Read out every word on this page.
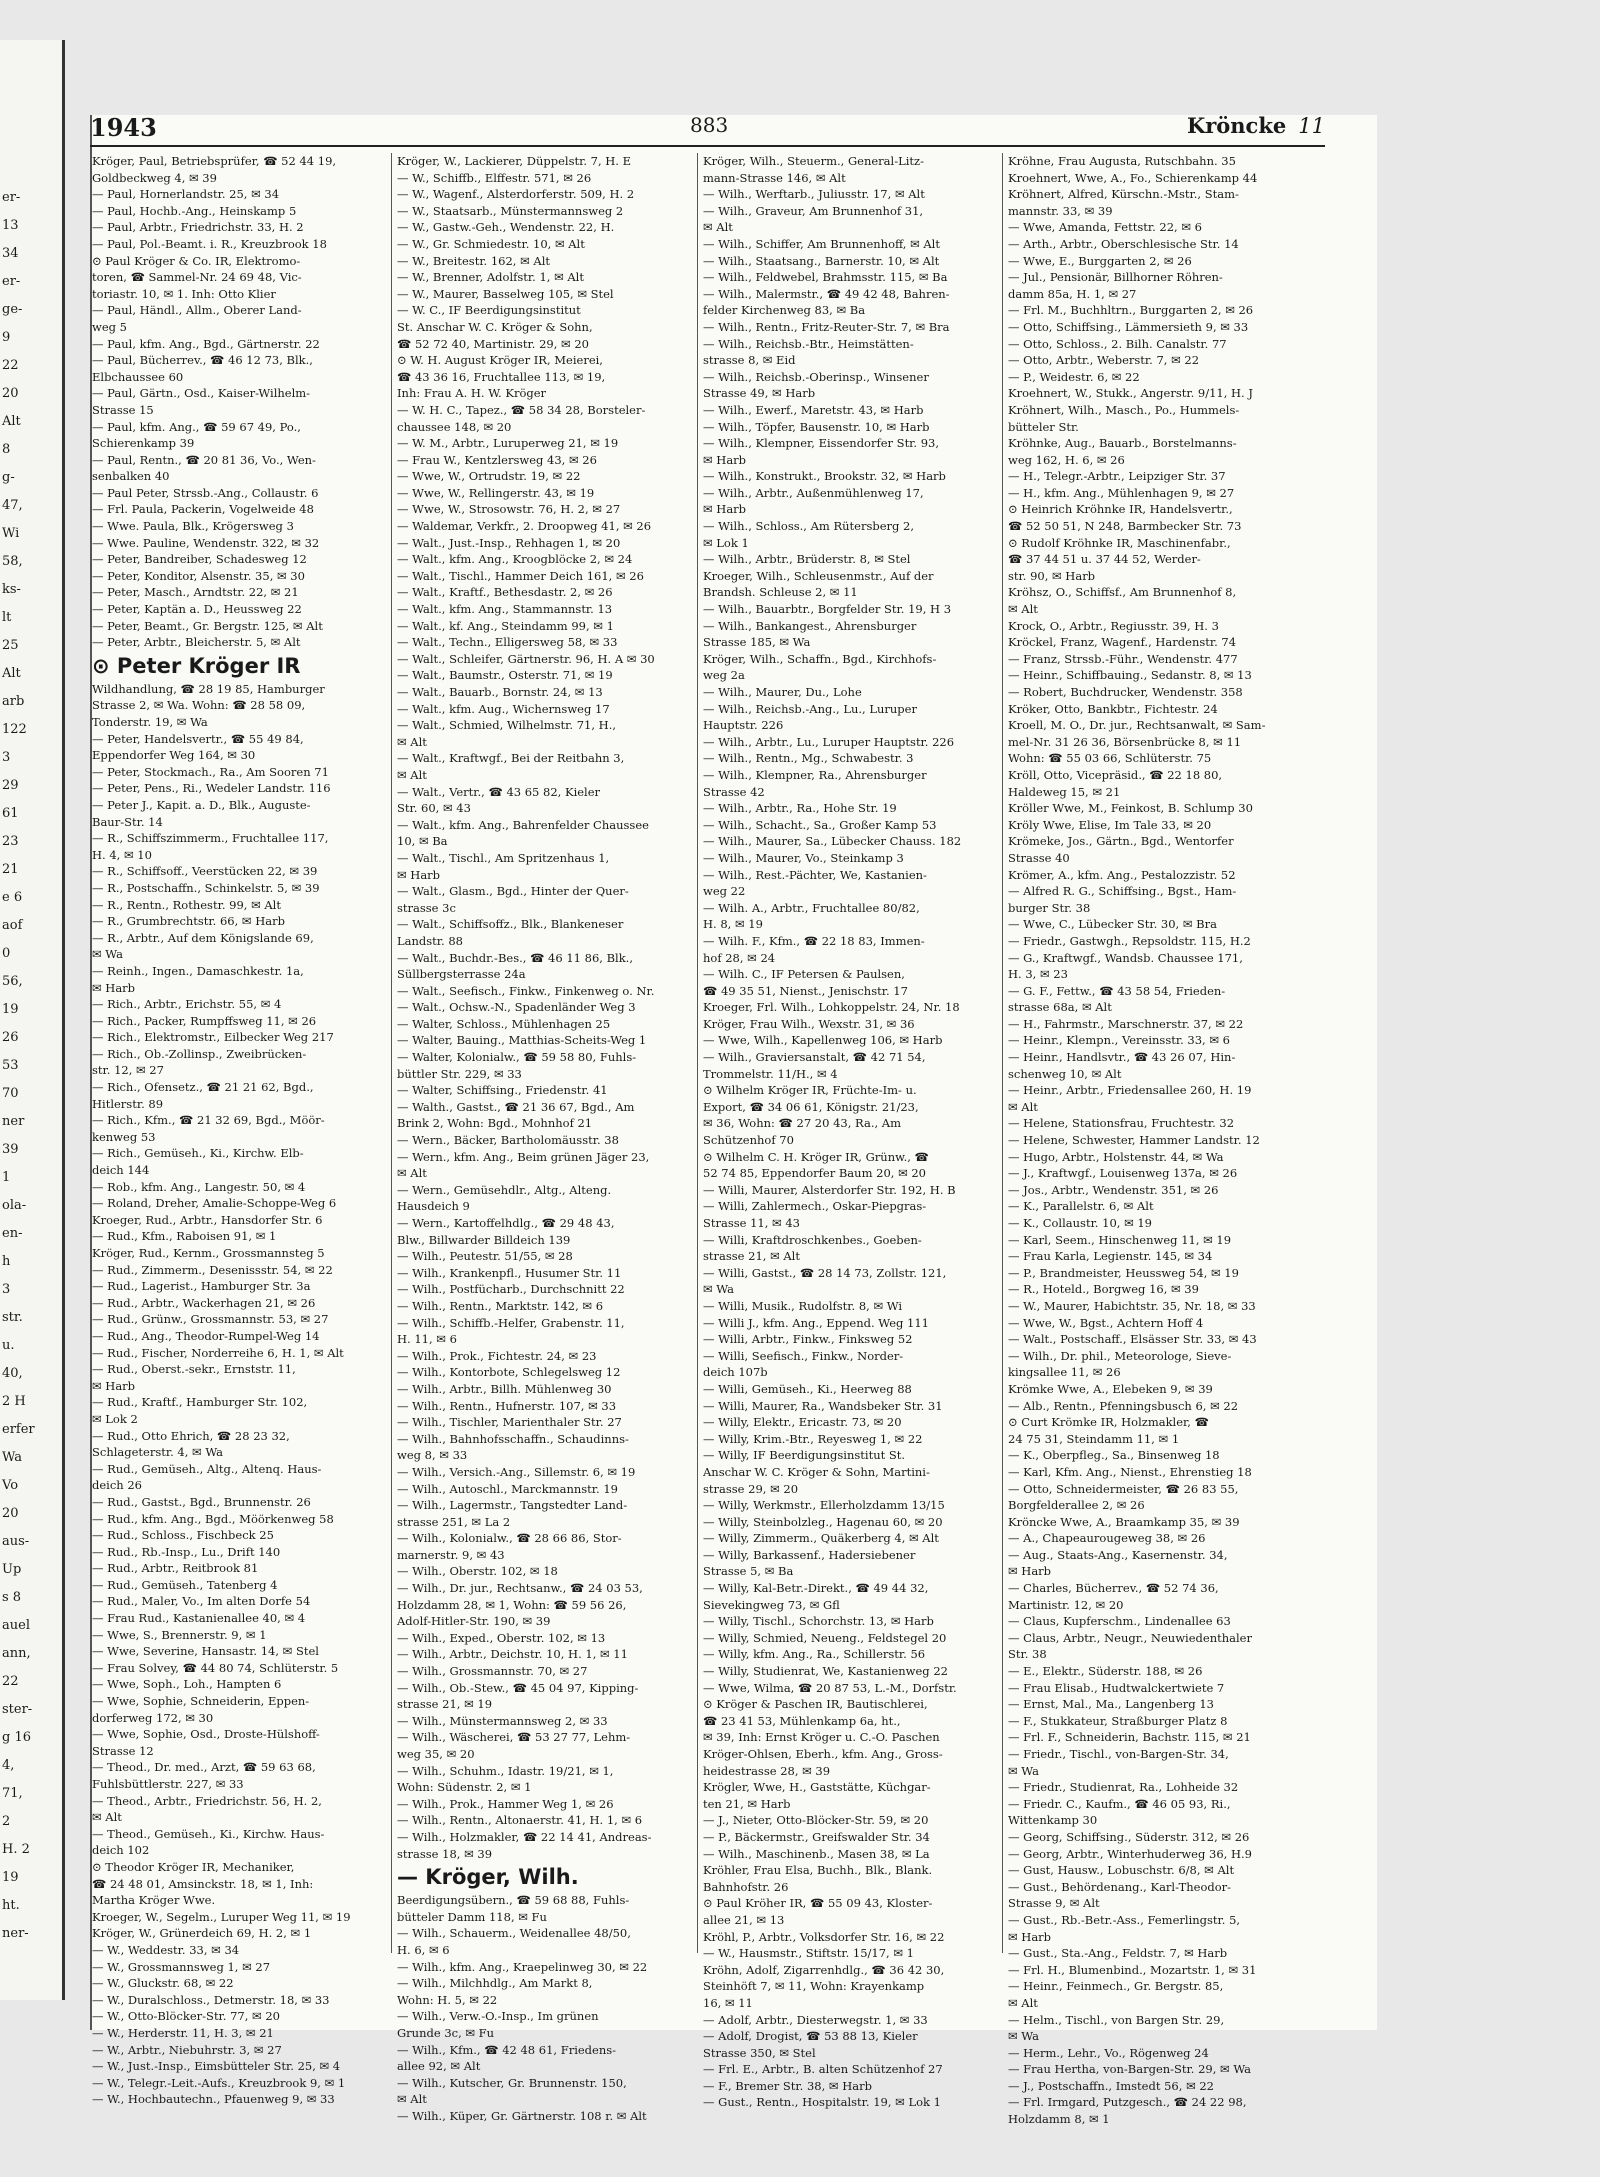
er-
13
34
er-
ge-
9
22
20
Alt
8
g-
47,
Wi
58,
ks-
lt
25
Alt
arb
122
3
29
61
23
21
e 6
aof
0
56,
19
26
53
70
ner
39
1
ola-
en-
h
3
str.
u.
40,
2 H
erfer
Wa
Vo
20
aus-
Up
s 8
auel
ann,
22
ster-
g 16
4,
71,
2
H. 2
19
ht.
ner-
1943	883	Kröncke 11
Kröger, Paul, Betriebsprüfer, ☎ 52 44 19,
Goldbeckweg 4, ✉ 39
— Paul, Hornerlandstr. 25, ✉ 34
— Paul, Hochb.-Ang., Heinskamp 5
— Paul, Arbtr., Friedrichstr. 33, H. 2
— Paul, Pol.-Beamt. i. R., Kreuzbrook 18
⊙ Paul Kröger & Co. IR, Elektromo-
toren, ☎ Sammel-Nr. 24 69 48, Vic-
toriastr. 10, ✉ 1. Inh: Otto Klier
— Paul, Händl., Allm., Oberer Land-
weg 5
— Paul, kfm. Ang., Bgd., Gärtnerstr. 22
— Paul, Bücherrev., ☎ 46 12 73, Blk.,
Elbchaussee 60
— Paul, Gärtn., Osd., Kaiser-Wilhelm-
Strasse 15
— Paul, kfm. Ang., ☎ 59 67 49, Po.,
Schierenkamp 39
— Paul, Rentn., ☎ 20 81 36, Vo., Wen-
senbalken 40
— Paul Peter, Strssb.-Ang., Collaustr. 6
— Frl. Paula, Packerin, Vogelweide 48
— Wwe. Paula, Blk., Krögersweg 3
— Wwe. Pauline, Wendenstr. 322, ✉ 32
— Peter, Bandreiber, Schadesweg 12
— Peter, Konditor, Alsenstr. 35, ✉ 30
— Peter, Masch., Arndtstr. 22, ✉ 21
— Peter, Kaptän a. D., Heussweg 22
— Peter, Beamt., Gr. Bergstr. 125, ✉ Alt
— Peter, Arbtr., Bleicherstr. 5, ✉ Alt
⊙ Peter Kröger IR
Wildhandlung, ☎ 28 19 85, Hamburger
Strasse 2, ✉ Wa. Wohn: ☎ 28 58 09,
Tonderstr. 19, ✉ Wa
— Peter, Handelsvertr., ☎ 55 49 84,
Eppendorfer Weg 164, ✉ 30
— Peter, Stockmach., Ra., Am Sooren 71
— Peter, Pens., Ri., Wedeler Landstr. 116
— Peter J., Kapit. a. D., Blk., Auguste-
Baur-Str. 14
— R., Schiffszimmerm., Fruchtallee 117,
H. 4, ✉ 10
— R., Schiffsoff., Veerstücken 22, ✉ 39
— R., Postschaffn., Schinkelstr. 5, ✉ 39
— R., Rentn., Rothestr. 99, ✉ Alt
— R., Grumbrechtstr. 66, ✉ Harb
— R., Arbtr., Auf dem Königslande 69,
✉ Wa
— Reinh., Ingen., Damaschkestr. 1a,
✉ Harb
— Rich., Arbtr., Erichstr. 55, ✉ 4
— Rich., Packer, Rumpffsweg 11, ✉ 26
— Rich., Elektromstr., Eilbecker Weg 217
— Rich., Ob.-Zollinsp., Zweibrücken-
str. 12, ✉ 27
— Rich., Ofensetz., ☎ 21 21 62, Bgd.,
Hitlerstr. 89
— Rich., Kfm., ☎ 21 32 69, Bgd., Möör-
kenweg 53
— Rich., Gemüseh., Ki., Kirchw. Elb-
deich 144
— Rob., kfm. Ang., Langestr. 50, ✉ 4
— Roland, Dreher, Amalie-Schoppe-Weg 6
Kroeger, Rud., Arbtr., Hansdorfer Str. 6
— Rud., Kfm., Raboisen 91, ✉ 1
Kröger, Rud., Kernm., Grossmannsteg 5
— Rud., Zimmerm., Desenissstr. 54, ✉ 22
— Rud., Lagerist., Hamburger Str. 3a
— Rud., Arbtr., Wackerhagen 21, ✉ 26
— Rud., Grünw., Grossmannstr. 53, ✉ 27
— Rud., Ang., Theodor-Rumpel-Weg 14
— Rud., Fischer, Norderreihe 6, H. 1, ✉ Alt
— Rud., Oberst.-sekr., Ernststr. 11,
✉ Harb
— Rud., Kraftf., Hamburger Str. 102,
✉ Lok 2
— Rud., Otto Ehrich, ☎ 28 23 32,
Schlageterstr. 4, ✉ Wa
— Rud., Gemüseh., Altg., Altenq. Haus-
deich 26
— Rud., Gastst., Bgd., Brunnenstr. 26
— Rud., kfm. Ang., Bgd., Möörkenweg 58
— Rud., Schloss., Fischbeck 25
— Rud., Rb.-Insp., Lu., Drift 140
— Rud., Arbtr., Reitbrook 81
— Rud., Gemüseh., Tatenberg 4
— Rud., Maler, Vo., Im alten Dorfe 54
— Frau Rud., Kastanienallee 40, ✉ 4
— Wwe, S., Brennerstr. 9, ✉ 1
— Wwe, Severine, Hansastr. 14, ✉ Stel
— Frau Solvey, ☎ 44 80 74, Schlüterstr. 5
— Wwe, Soph., Loh., Hampten 6
— Wwe, Sophie, Schneiderin, Eppen-
dorferweg 172, ✉ 30
— Wwe, Sophie, Osd., Droste-Hülshoff-
Strasse 12
— Theod., Dr. med., Arzt, ☎ 59 63 68,
Fuhlsbüttlerstr. 227, ✉ 33
— Theod., Arbtr., Friedrichstr. 56, H. 2,
✉ Alt
— Theod., Gemüseh., Ki., Kirchw. Haus-
deich 102
⊙ Theodor Kröger IR, Mechaniker,
☎ 24 48 01, Amsinckstr. 18, ✉ 1, Inh:
Martha Kröger Wwe.
Kroeger, W., Segelm., Luruper Weg 11, ✉ 19
Kröger, W., Grünerdeich 69, H. 2, ✉ 1
— W., Weddestr. 33, ✉ 34
— W., Grossmannsweg 1, ✉ 27
— W., Gluckstr. 68, ✉ 22
— W., Duralschloss., Detmerstr. 18, ✉ 33
— W., Otto-Blöcker-Str. 77, ✉ 20
— W., Herderstr. 11, H. 3, ✉ 21
— W., Arbtr., Niebuhrstr. 3, ✉ 27
— W., Just.-Insp., Eimsbütteler Str. 25, ✉ 4
— W., Telegr.-Leit.-Aufs., Kreuzbrook 9, ✉ 1
— W., Hochbautechn., Pfauenweg 9, ✉ 33
Kröger, W., Lackierer, Düppelstr. 7, H. E
— W., Schiffb., Elffestr. 571, ✉ 26
— W., Wagenf., Alsterdorferstr. 509, H. 2
— W., Staatsarb., Münstermannsweg 2
— W., Gastw.-Geh., Wendenstr. 22, H.
— W., Gr. Schmiedestr. 10, ✉ Alt
— W., Breitestr. 162, ✉ Alt
— W., Brenner, Adolfstr. 1, ✉ Alt
— W., Maurer, Basselweg 105, ✉ Stel
— W. C., IF Beerdigungsinstitut
St. Anschar W. C. Kröger & Sohn,
☎ 52 72 40, Martinistr. 29, ✉ 20
⊙ W. H. August Kröger IR, Meierei,
☎ 43 36 16, Fruchtallee 113, ✉ 19,
Inh: Frau A. H. W. Kröger
— W. H. C., Tapez., ☎ 58 34 28, Borsteler-
chaussee 148, ✉ 20
— W. M., Arbtr., Luruperweg 21, ✉ 19
— Frau W., Kentzlersweg 43, ✉ 26
— Wwe, W., Ortrudstr. 19, ✉ 22
— Wwe, W., Rellingerstr. 43, ✉ 19
— Wwe, W., Strosowstr. 76, H. 2, ✉ 27
— Waldemar, Verkfr., 2. Droopweg 41, ✉ 26
— Walt., Just.-Insp., Rehhagen 1, ✉ 20
— Walt., kfm. Ang., Kroogblöcke 2, ✉ 24
— Walt., Tischl., Hammer Deich 161, ✉ 26
— Walt., Kraftf., Bethesdastr. 2, ✉ 26
— Walt., kfm. Ang., Stammannstr. 13
— Walt., kf. Ang., Steindamm 99, ✉ 1
— Walt., Techn., Elligersweg 58, ✉ 33
— Walt., Schleifer, Gärtnerstr. 96, H. A ✉ 30
— Walt., Baumstr., Osterstr. 71, ✉ 19
— Walt., Bauarb., Bornstr. 24, ✉ 13
— Walt., kfm. Aug., Wichernsweg 17
— Walt., Schmied, Wilhelmstr. 71, H.,
✉ Alt
— Walt., Kraftwgf., Bei der Reitbahn 3,
✉ Alt
— Walt., Vertr., ☎ 43 65 82, Kieler
Str. 60, ✉ 43
— Walt., kfm. Ang., Bahrenfelder Chaussee
10, ✉ Ba
— Walt., Tischl., Am Spritzenhaus 1,
✉ Harb
— Walt., Glasm., Bgd., Hinter der Quer-
strasse 3c
— Walt., Schiffsoffz., Blk., Blankeneser
Landstr. 88
— Walt., Buchdr.-Bes., ☎ 46 11 86, Blk.,
Süllbergsterrasse 24a
— Walt., Seefisch., Finkw., Finkenweg o. Nr.
— Walt., Ochsw.-N., Spadenländer Weg 3
— Walter, Schloss., Mühlenhagen 25
— Walter, Bauing., Matthias-Scheits-Weg 1
— Walter, Kolonialw., ☎ 59 58 80, Fuhls-
büttler Str. 229, ✉ 33
— Walter, Schiffsing., Friedenstr. 41
— Walth., Gastst., ☎ 21 36 67, Bgd., Am
Brink 2, Wohn: Bgd., Mohnhof 21
— Wern., Bäcker, Bartholomäusstr. 38
— Wern., kfm. Ang., Beim grünen Jäger 23,
✉ Alt
— Wern., Gemüsehdlr., Altg., Alteng.
Hausdeich 9
— Wern., Kartoffelhdlg., ☎ 29 48 43,
Blw., Billwarder Billdeich 139
— Wilh., Peutestr. 51/55, ✉ 28
— Wilh., Krankenpfl., Husumer Str. 11
— Wilh., Postfücharb., Durchschnitt 22
— Wilh., Rentn., Marktstr. 142, ✉ 6
— Wilh., Schiffb.-Helfer, Grabenstr. 11,
H. 11, ✉ 6
— Wilh., Prok., Fichtestr. 24, ✉ 23
— Wilh., Kontorbote, Schlegelsweg 12
— Wilh., Arbtr., Billh. Mühlenweg 30
— Wilh., Rentn., Hufnerstr. 107, ✉ 33
— Wilh., Tischler, Marienthaler Str. 27
— Wilh., Bahnhofsschaffn., Schaudinns-
weg 8, ✉ 33
— Wilh., Versich.-Ang., Sillemstr. 6, ✉ 19
— Wilh., Autoschl., Marckmannstr. 19
— Wilh., Lagermstr., Tangstedter Land-
strasse 251, ✉ La 2
— Wilh., Kolonialw., ☎ 28 66 86, Stor-
marnerstr. 9, ✉ 43
— Wilh., Oberstr. 102, ✉ 18
— Wilh., Dr. jur., Rechtsanw., ☎ 24 03 53,
Holzdamm 28, ✉ 1, Wohn: ☎ 59 56 26,
Adolf-Hitler-Str. 190, ✉ 39
— Wilh., Exped., Oberstr. 102, ✉ 13
— Wilh., Arbtr., Deichstr. 10, H. 1, ✉ 11
— Wilh., Grossmannstr. 70, ✉ 27
— Wilh., Ob.-Stew., ☎ 45 04 97, Kipping-
strasse 21, ✉ 19
— Wilh., Münstermannsweg 2, ✉ 33
— Wilh., Wäscherei, ☎ 53 27 77, Lehm-
weg 35, ✉ 20
— Wilh., Schuhm., Idastr. 19/21, ✉ 1,
Wohn: Südenstr. 2, ✉ 1
— Wilh., Prok., Hammer Weg 1, ✉ 26
— Wilh., Rentn., Altonaerstr. 41, H. 1, ✉ 6
— Wilh., Holzmakler, ☎ 22 14 41, Andreas-
strasse 18, ✉ 39
— Kröger, Wilh.
Beerdigungsübern., ☎ 59 68 88, Fuhls-
bütteler Damm 118, ✉ Fu
— Wilh., Schauerm., Weidenallee 48/50,
H. 6, ✉ 6
— Wilh., kfm. Ang., Kraepelinweg 30, ✉ 22
— Wilh., Milchhdlg., Am Markt 8,
Wohn: H. 5, ✉ 22
— Wilh., Verw.-O.-Insp., Im grünen
Grunde 3c, ✉ Fu
— Wilh., Kfm., ☎ 42 48 61, Friedens-
allee 92, ✉ Alt
— Wilh., Kutscher, Gr. Brunnenstr. 150,
✉ Alt
— Wilh., Küper, Gr. Gärtnerstr. 108 r. ✉ Alt
Kröger, Wilh., Steuerm., General-Litz-
mann-Strasse 146, ✉ Alt
— Wilh., Werftarb., Juliusstr. 17, ✉ Alt
— Wilh., Graveur, Am Brunnenhof 31,
✉ Alt
— Wilh., Schiffer, Am Brunnenhoff, ✉ Alt
— Wilh., Staatsang., Barnerstr. 10, ✉ Alt
— Wilh., Feldwebel, Brahmsstr. 115, ✉ Ba
— Wilh., Malermstr., ☎ 49 42 48, Bahren-
felder Kirchenweg 83, ✉ Ba
— Wilh., Rentn., Fritz-Reuter-Str. 7, ✉ Bra
— Wilh., Reichsb.-Btr., Heimstätten-
strasse 8, ✉ Eid
— Wilh., Reichsb.-Oberinsp., Winsener
Strasse 49, ✉ Harb
— Wilh., Ewerf., Maretstr. 43, ✉ Harb
— Wilh., Töpfer, Bausenstr. 10, ✉ Harb
— Wilh., Klempner, Eissendorfer Str. 93,
✉ Harb
— Wilh., Konstrukt., Brookstr. 32, ✉ Harb
— Wilh., Arbtr., Außenmühlenweg 17,
✉ Harb
— Wilh., Schloss., Am Rütersberg 2,
✉ Lok 1
— Wilh., Arbtr., Brüderstr. 8, ✉ Stel
Kroeger, Wilh., Schleusenmstr., Auf der
Brandsh. Schleuse 2, ✉ 11
— Wilh., Bauarbtr., Borgfelder Str. 19, H 3
— Wilh., Bankangest., Ahrensburger
Strasse 185, ✉ Wa
Kröger, Wilh., Schaffn., Bgd., Kirchhofs-
weg 2a
— Wilh., Maurer, Du., Lohe
— Wilh., Reichsb.-Ang., Lu., Luruper
Hauptstr. 226
— Wilh., Arbtr., Lu., Luruper Hauptstr. 226
— Wilh., Rentn., Mg., Schwabestr. 3
— Wilh., Klempner, Ra., Ahrensburger
Strasse 42
— Wilh., Arbtr., Ra., Hohe Str. 19
— Wilh., Schacht., Sa., Großer Kamp 53
— Wilh., Maurer, Sa., Lübecker Chauss. 182
— Wilh., Maurer, Vo., Steinkamp 3
— Wilh., Rest.-Pächter, We, Kastanien-
weg 22
— Wilh. A., Arbtr., Fruchtallee 80/82,
H. 8, ✉ 19
— Wilh. F., Kfm., ☎ 22 18 83, Immen-
hof 28, ✉ 24
— Wilh. C., IF Petersen & Paulsen,
☎ 49 35 51, Nienst., Jenischstr. 17
Kroeger, Frl. Wilh., Lohkoppelstr. 24, Nr. 18
Kröger, Frau Wilh., Wexstr. 31, ✉ 36
— Wwe, Wilh., Kapellenweg 106, ✉ Harb
— Wilh., Graviersanstalt, ☎ 42 71 54,
Trommelstr. 11/H., ✉ 4
⊙ Wilhelm Kröger IR, Früchte-Im- u.
Export, ☎ 34 06 61, Königstr. 21/23,
✉ 36, Wohn: ☎ 27 20 43, Ra., Am
Schützenhof 70
⊙ Wilhelm C. H. Kröger IR, Grünw., ☎
52 74 85, Eppendorfer Baum 20, ✉ 20
— Willi, Maurer, Alsterdorfer Str. 192, H. B
— Willi, Zahlermech., Oskar-Piepgras-
Strasse 11, ✉ 43
— Willi, Kraftdroschkenbes., Goeben-
strasse 21, ✉ Alt
— Willi, Gastst., ☎ 28 14 73, Zollstr. 121,
✉ Wa
— Willi, Musik., Rudolfstr. 8, ✉ Wi
— Willi J., kfm. Ang., Eppend. Weg 111
— Willi, Arbtr., Finkw., Finksweg 52
— Willi, Seefisch., Finkw., Norder-
deich 107b
— Willi, Gemüseh., Ki., Heerweg 88
— Willi, Maurer, Ra., Wandsbeker Str. 31
— Willy, Elektr., Ericastr. 73, ✉ 20
— Willy, Krim.-Btr., Reyesweg 1, ✉ 22
— Willy, IF Beerdigungsinstitut St.
Anschar W. C. Kröger & Sohn, Martini-
strasse 29, ✉ 20
— Willy, Werkmstr., Ellerholzdamm 13/15
— Willy, Steinbolzleg., Hagenau 60, ✉ 20
— Willy, Zimmerm., Quäkerberg 4, ✉ Alt
— Willy, Barkassenf., Hadersiebener
Strasse 5, ✉ Ba
— Willy, Kal-Betr.-Direkt., ☎ 49 44 32,
Sievekingweg 73, ✉ Gfl
— Willy, Tischl., Schorchstr. 13, ✉ Harb
— Willy, Schmied, Neueng., Feldstegel 20
— Willy, kfm. Ang., Ra., Schillerstr. 56
— Willy, Studienrat, We, Kastanienweg 22
— Wwe, Wilma, ☎ 20 87 53, L.-M., Dorfstr.
⊙ Kröger & Paschen IR, Bautischlerei,
☎ 23 41 53, Mühlenkamp 6a, ht.,
✉ 39, Inh: Ernst Kröger u. C.-O. Paschen
Kröger-Ohlsen, Eberh., kfm. Ang., Gross-
heidestrasse 28, ✉ 39
Krögler, Wwe, H., Gaststätte, Küchgar-
ten 21, ✉ Harb
— J., Nieter, Otto-Blöcker-Str. 59, ✉ 20
— P., Bäckermstr., Greifswalder Str. 34
— Wilh., Maschinenb., Masen 38, ✉ La
Kröhler, Frau Elsa, Buchh., Blk., Blank.
Bahnhofstr. 26
⊙ Paul Kröher IR, ☎ 55 09 43, Kloster-
allee 21, ✉ 13
Kröhl, P., Arbtr., Volksdorfer Str. 16, ✉ 22
— W., Hausmstr., Stiftstr. 15/17, ✉ 1
Kröhn, Adolf, Zigarrenhdlg., ☎ 36 42 30,
Steinhöft 7, ✉ 11, Wohn: Krayenkamp
16, ✉ 11
— Adolf, Arbtr., Diesterwegstr. 1, ✉ 33
— Adolf, Drogist, ☎ 53 88 13, Kieler
Strasse 350, ✉ Stel
— Frl. E., Arbtr., B. alten Schützenhof 27
— F., Bremer Str. 38, ✉ Harb
— Gust., Rentn., Hospitalstr. 19, ✉ Lok 1
Kröhne, Frau Augusta, Rutschbahn. 35
Kroehnert, Wwe, A., Fo., Schierenkamp 44
Kröhnert, Alfred, Kürschn.-Mstr., Stam-
mannstr. 33, ✉ 39
— Wwe, Amanda, Fettstr. 22, ✉ 6
— Arth., Arbtr., Oberschlesische Str. 14
— Wwe, E., Burggarten 2, ✉ 26
— Jul., Pensionär, Billhorner Röhren-
damm 85a, H. 1, ✉ 27
— Frl. M., Buchhltrn., Burggarten 2, ✉ 26
— Otto, Schiffsing., Lämmersieth 9, ✉ 33
— Otto, Schloss., 2. Bilh. Canalstr. 77
— Otto, Arbtr., Weberstr. 7, ✉ 22
— P., Weidestr. 6, ✉ 22
Kroehnert, W., Stukk., Angerstr. 9/11, H. J
Kröhnert, Wilh., Masch., Po., Hummels-
bütteler Str.
Kröhnke, Aug., Bauarb., Borstelmanns-
weg 162, H. 6, ✉ 26
— H., Telegr.-Arbtr., Leipziger Str. 37
— H., kfm. Ang., Mühlenhagen 9, ✉ 27
⊙ Heinrich Kröhnke IR, Handelsvertr.,
☎ 52 50 51, N 248, Barmbecker Str. 73
⊙ Rudolf Kröhnke IR, Maschinenfabr.,
☎ 37 44 51 u. 37 44 52, Werder-
str. 90, ✉ Harb
Kröhsz, O., Schiffsf., Am Brunnenhof 8,
✉ Alt
Krock, O., Arbtr., Regiusstr. 39, H. 3
Kröckel, Franz, Wagenf., Hardenstr. 74
— Franz, Strssb.-Führ., Wendenstr. 477
— Heinr., Schiffbauing., Sedanstr. 8, ✉ 13
— Robert, Buchdrucker, Wendenstr. 358
Kröker, Otto, Bankbtr., Fichtestr. 24
Kroell, M. O., Dr. jur., Rechtsanwalt, ✉ Sam-
mel-Nr. 31 26 36, Börsenbrücke 8, ✉ 11
Wohn: ☎ 55 03 66, Schlüterstr. 75
Kröll, Otto, Vicepräsid., ☎ 22 18 80,
Haldeweg 15, ✉ 21
Kröller Wwe, M., Feinkost, B. Schlump 30
Kröly Wwe, Elise, Im Tale 33, ✉ 20
Krömeke, Jos., Gärtn., Bgd., Wentorfer
Strasse 40
Krömer, A., kfm. Ang., Pestalozzistr. 52
— Alfred R. G., Schiffsing., Bgst., Ham-
burger Str. 38
— Wwe, C., Lübecker Str. 30, ✉ Bra
— Friedr., Gastwgh., Repsoldstr. 115, H.2
— G., Kraftwgf., Wandsb. Chaussee 171,
H. 3, ✉ 23
— G. F., Fettw., ☎ 43 58 54, Frieden-
strasse 68a, ✉ Alt
— H., Fahrmstr., Marschnerstr. 37, ✉ 22
— Heinr., Klempn., Vereinsstr. 33, ✉ 6
— Heinr., Handlsvtr., ☎ 43 26 07, Hin-
schenweg 10, ✉ Alt
— Heinr., Arbtr., Friedensallee 260, H. 19
✉ Alt
— Helene, Stationsfrau, Fruchtestr. 32
— Helene, Schwester, Hammer Landstr. 12
— Hugo, Arbtr., Holstenstr. 44, ✉ Wa
— J., Kraftwgf., Louisenweg 137a, ✉ 26
— Jos., Arbtr., Wendenstr. 351, ✉ 26
— K., Parallelstr. 6, ✉ Alt
— K., Collaustr. 10, ✉ 19
— Karl, Seem., Hinschenweg 11, ✉ 19
— Frau Karla, Legienstr. 145, ✉ 34
— P., Brandmeister, Heussweg 54, ✉ 19
— R., Hoteld., Borgweg 16, ✉ 39
— W., Maurer, Habichtstr. 35, Nr. 18, ✉ 33
— Wwe, W., Bgst., Achtern Hoff 4
— Walt., Postschaff., Elsässer Str. 33, ✉ 43
— Wilh., Dr. phil., Meteorologe, Sieve-
kingsallee 11, ✉ 26
Krömke Wwe, A., Elebeken 9, ✉ 39
— Alb., Rentn., Pfenningsbusch 6, ✉ 22
⊙ Curt Krömke IR, Holzmakler, ☎
24 75 31, Steindamm 11, ✉ 1
— K., Oberpfleg., Sa., Binsenweg 18
— Karl, Kfm. Ang., Nienst., Ehrenstieg 18
— Otto, Schneidermeister, ☎ 26 83 55,
Borgfelderallee 2, ✉ 26
Kröncke Wwe, A., Braamkamp 35, ✉ 39
— A., Chapeaurougeweg 38, ✉ 26
— Aug., Staats-Ang., Kasernenstr. 34,
✉ Harb
— Charles, Bücherrev., ☎ 52 74 36,
Martinistr. 12, ✉ 20
— Claus, Kupferschm., Lindenallee 63
— Claus, Arbtr., Neugr., Neuwiedenthaler
Str. 38
— E., Elektr., Süderstr. 188, ✉ 26
— Frau Elisab., Hudtwalckertwiete 7
— Ernst, Mal., Ma., Langenberg 13
— F., Stukkateur, Straßburger Platz 8
— Frl. F., Schneiderin, Bachstr. 115, ✉ 21
— Friedr., Tischl., von-Bargen-Str. 34,
✉ Wa
— Friedr., Studienrat, Ra., Lohheide 32
— Friedr. C., Kaufm., ☎ 46 05 93, Ri.,
Wittenkamp 30
— Georg, Schiffsing., Süderstr. 312, ✉ 26
— Georg, Arbtr., Winterhuderweg 36, H.9
— Gust, Hausw., Lobuschstr. 6/8, ✉ Alt
— Gust., Behördenang., Karl-Theodor-
Strasse 9, ✉ Alt
— Gust., Rb.-Betr.-Ass., Femerlingstr. 5,
✉ Harb
— Gust., Sta.-Ang., Feldstr. 7, ✉ Harb
— Frl. H., Blumenbind., Mozartstr. 1, ✉ 31
— Heinr., Feinmech., Gr. Bergstr. 85,
✉ Alt
— Helm., Tischl., von Bargen Str. 29,
✉ Wa
— Herm., Lehr., Vo., Rögenweg 24
— Frau Hertha, von-Bargen-Str. 29, ✉ Wa
— J., Postschaffn., Imstedt 56, ✉ 22
— Frl. Irmgard, Putzgesch., ☎ 24 22 98,
Holzdamm 8, ✉ 1
